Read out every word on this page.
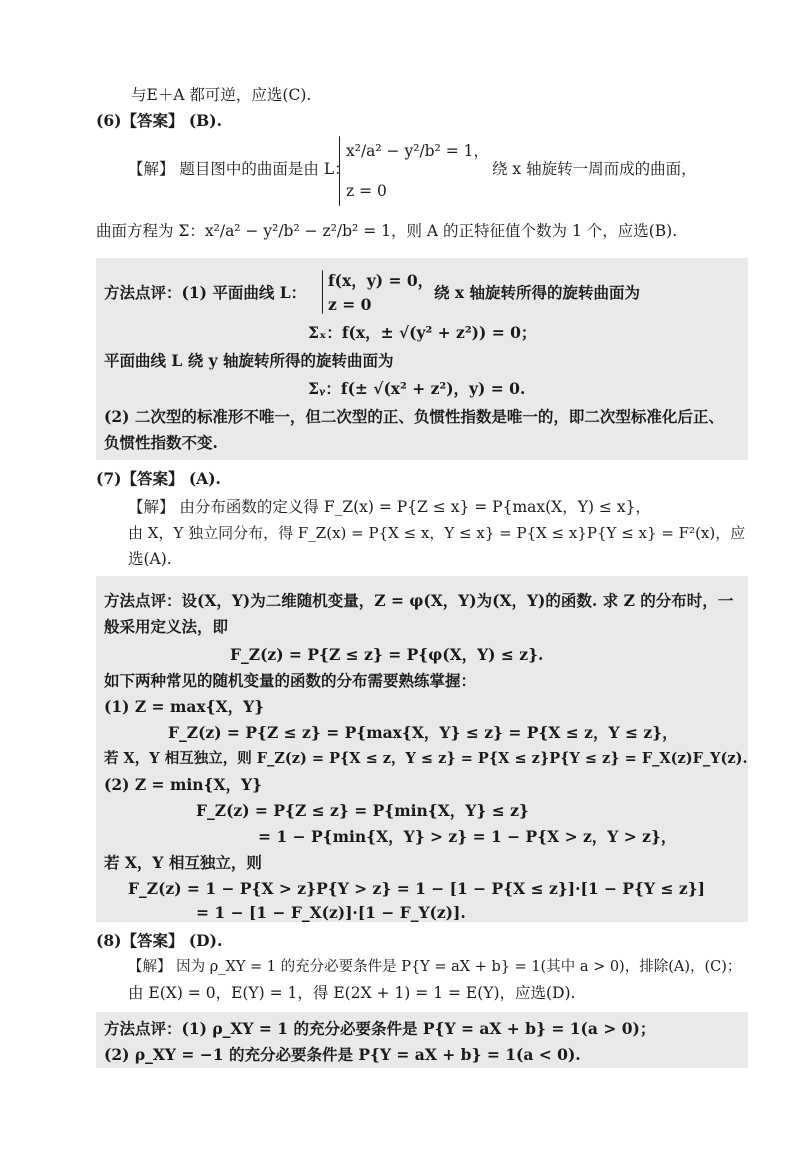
与E＋A 都可逆，应选(C).
(6)【答案】 (B).
【解】 题目图中的曲面是由 L：
x²/a² − y²/b² = 1，
绕 x 轴旋转一周而成的曲面，
z = 0
曲面方程为 Σ：x²/a² − y²/b² − z²/b² = 1，则 A 的正特征值个数为 1 个，应选(B).
方法点评：(1) 平面曲线 L：
f(x，y) = 0，
绕 x 轴旋转所得的旋转曲面为
z = 0
Σₓ：f(x，± √(y² + z²)) = 0；
平面曲线 L 绕 y 轴旋转所得的旋转曲面为
Σᵧ：f(± √(x² + z²)，y) = 0.
(2) 二次型的标准形不唯一，但二次型的正、负惯性指数是唯一的，即二次型标准化后正、
负惯性指数不变.
(7)【答案】 (A).
【解】 由分布函数的定义得 F_Z(x) = P{Z ≤ x} = P{max(X，Y) ≤ x}，
由 X，Y 独立同分布，得 F_Z(x) = P{X ≤ x，Y ≤ x} = P{X ≤ x}P{Y ≤ x} = F²(x)，应
选(A).
方法点评：设(X，Y)为二维随机变量，Z = φ(X，Y)为(X，Y)的函数. 求 Z 的分布时，一
般采用定义法，即
F_Z(z) = P{Z ≤ z} = P{φ(X，Y) ≤ z}.
如下两种常见的随机变量的函数的分布需要熟练掌握：
(1) Z = max{X，Y}
F_Z(z) = P{Z ≤ z} = P{max{X，Y} ≤ z} = P{X ≤ z，Y ≤ z}，
若 X，Y 相互独立，则 F_Z(z) = P{X ≤ z，Y ≤ z} = P{X ≤ z}P{Y ≤ z} = F_X(z)F_Y(z).
(2) Z = min{X，Y}
F_Z(z) = P{Z ≤ z} = P{min{X，Y} ≤ z}
= 1 − P{min{X，Y} > z} = 1 − P{X > z，Y > z}，
若 X，Y 相互独立，则
F_Z(z) = 1 − P{X > z}P{Y > z} = 1 − [1 − P{X ≤ z}]·[1 − P{Y ≤ z}]
= 1 − [1 − F_X(z)]·[1 − F_Y(z)].
(8)【答案】 (D).
【解】 因为 ρ_XY = 1 的充分必要条件是 P{Y = aX + b} = 1(其中 a > 0)，排除(A)，(C)；
由 E(X) = 0，E(Y) = 1，得 E(2X + 1) = 1 = E(Y)，应选(D).
方法点评：(1) ρ_XY = 1 的充分必要条件是 P{Y = aX + b} = 1(a > 0)；
(2) ρ_XY = −1 的充分必要条件是 P{Y = aX + b} = 1(a < 0).
